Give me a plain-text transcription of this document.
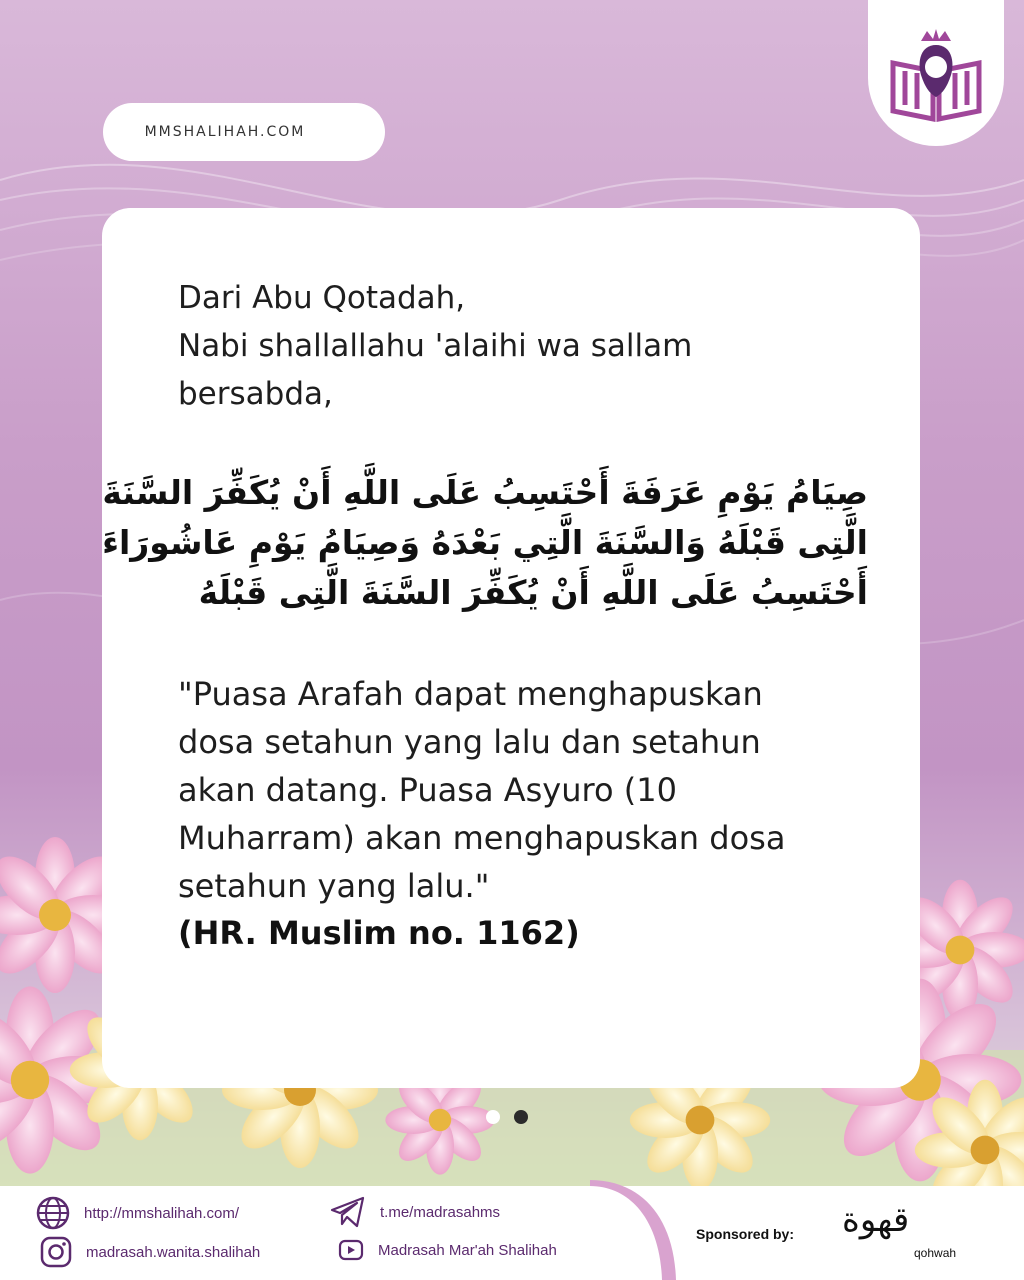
MMSHALIHAH.COM
Dari Abu Qotadah,
Nabi shallallahu 'alaihi wa sallam
bersabda,
صِيَامُ يَوْمِ عَرَفَةَ أَحْتَسِبُ عَلَى اللَّهِ أَنْ يُكَفِّرَ السَّنَةَ
الَّتِى قَبْلَهُ وَالسَّنَةَ الَّتِي بَعْدَهُ وَصِيَامُ يَوْمِ عَاشُورَاءَ
أَحْتَسِبُ عَلَى اللَّهِ أَنْ يُكَفِّرَ السَّنَةَ الَّتِى قَبْلَهُ
"Puasa Arafah dapat menghapuskan
dosa setahun yang lalu dan setahun
akan datang. Puasa Asyuro (10
Muharram) akan menghapuskan dosa
setahun yang lalu."
(HR. Muslim no. 1162)
http://mmshalihah.com/
madrasah.wanita.shalihah
t.me/madrasahms
Madrasah Mar'ah Shalihah
Sponsored by: قهوة
qohwah
